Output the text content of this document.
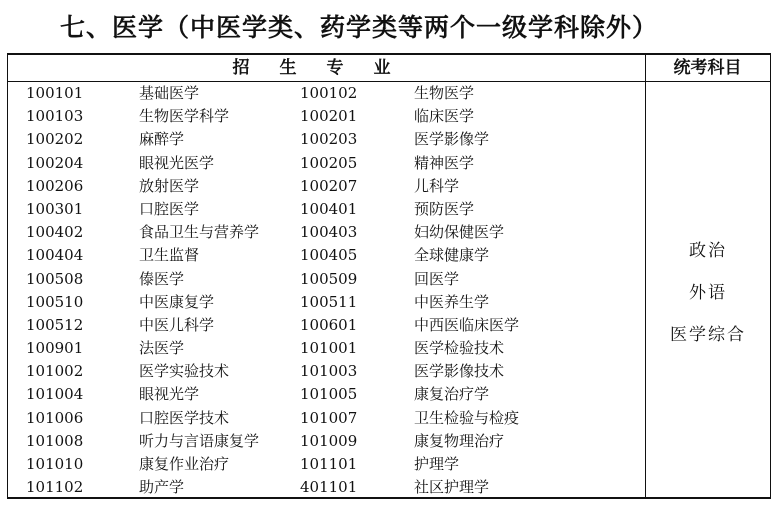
七、医学（中医学类、药学类等两个一级学科除外）
招生专业	统考科目
100101	基础医学	100102	生物医学
100103	生物医学科学	100201	临床医学
100202	麻醉学	100203	医学影像学
100204	眼视光医学	100205	精神医学
100206	放射医学	100207	儿科学
100301	口腔医学	100401	预防医学
100402	食品卫生与营养学	100403	妇幼保健医学
100404	卫生监督	100405	全球健康学
100508	傣医学	100509	回医学
100510	中医康复学	100511	中医养生学
100512	中医儿科学	100601	中西医临床医学
100901	法医学	101001	医学检验技术
101002	医学实验技术	101003	医学影像技术
101004	眼视光学	101005	康复治疗学
101006	口腔医学技术	101007	卫生检验与检疫
101008	听力与言语康复学	101009	康复物理治疗
101010	康复作业治疗	101101	护理学
101102	助产学	401101	社区护理学
政治
外语
医学综合
